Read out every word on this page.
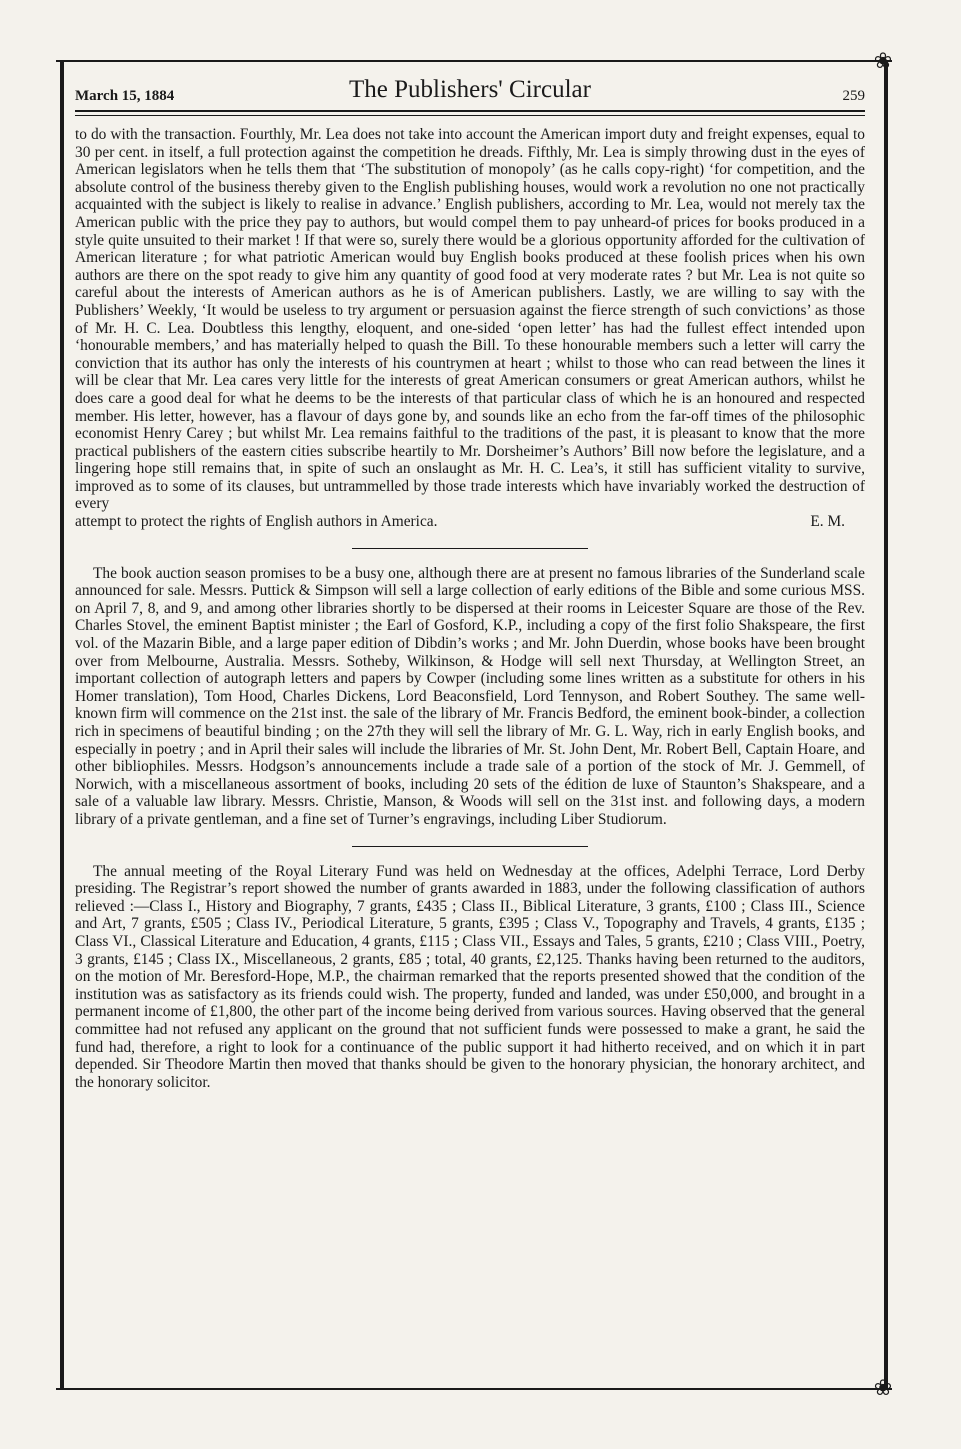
❀
❀
March 15, 1884	The Publishers' Circular	259

to do with the transaction. Fourthly, Mr. Lea does not take into account the American import duty and freight expenses, equal to 30 per cent. in itself, a full protection against the competition he dreads. Fifthly, Mr. Lea is simply throwing dust in the eyes of American legislators when he tells them that ‘The substitution of monopoly’ (as he calls copy-right) ‘for competition, and the absolute control of the business thereby given to the English publishing houses, would work a revolution no one not practically acquainted with the subject is likely to realise in advance.’ English publishers, according to Mr. Lea, would not merely tax the American public with the price they pay to authors, but would compel them to pay unheard-of prices for books produced in a style quite unsuited to their market ! If that were so, surely there would be a glorious opportunity afforded for the cultivation of American literature ; for what patriotic American would buy English books produced at these foolish prices when his own authors are there on the spot ready to give him any quantity of good food at very moderate rates ? but Mr. Lea is not quite so careful about the interests of American authors as he is of American publishers. Lastly, we are willing to say with the Publishers’ Weekly, ‘It would be useless to try argument or persuasion against the fierce strength of such convictions’ as those of Mr. H. C. Lea. Doubtless this lengthy, eloquent, and one-sided ‘open letter’ has had the fullest effect intended upon ‘honourable members,’ and has materially helped to quash the Bill. To these honourable members such a letter will carry the conviction that its author has only the interests of his countrymen at heart ; whilst to those who can read between the lines it will be clear that Mr. Lea cares very little for the interests of great American consumers or great American authors, whilst he does care a good deal for what he deems to be the interests of that particular class of which he is an honoured and respected member. His letter, however, has a flavour of days gone by, and sounds like an echo from the far-off times of the philosophic economist Henry Carey ; but whilst Mr. Lea remains faithful to the traditions of the past, it is pleasant to know that the more practical publishers of the eastern cities subscribe heartily to Mr. Dorsheimer’s Authors’ Bill now before the legislature, and a lingering hope still remains that, in spite of such an onslaught as Mr. H. C. Lea’s, it still has sufficient vitality to survive, improved as to some of its clauses, but untrammelled by those trade interests which have invariably worked the destruction of every

attempt to protect the rights of English authors in America.	E. M.

The book auction season promises to be a busy one, although there are at present no famous libraries of the Sunderland scale announced for sale. Messrs. Puttick & Simpson will sell a large collection of early editions of the Bible and some curious MSS. on April 7, 8, and 9, and among other libraries shortly to be dispersed at their rooms in Leicester Square are those of the Rev. Charles Stovel, the eminent Baptist minister ; the Earl of Gosford, K.P., including a copy of the first folio Shakspeare, the first vol. of the Mazarin Bible, and a large paper edition of Dibdin’s works ; and Mr. John Duerdin, whose books have been brought over from Melbourne, Australia. Messrs. Sotheby, Wilkinson, & Hodge will sell next Thursday, at Wellington Street, an important collection of autograph letters and papers by Cowper (including some lines written as a substitute for others in his Homer translation), Tom Hood, Charles Dickens, Lord Beaconsfield, Lord Tennyson, and Robert Southey. The same well-known firm will commence on the 21st inst. the sale of the library of Mr. Francis Bedford, the eminent book-binder, a collection rich in specimens of beautiful binding ; on the 27th they will sell the library of Mr. G. L. Way, rich in early English books, and especially in poetry ; and in April their sales will include the libraries of Mr. St. John Dent, Mr. Robert Bell, Captain Hoare, and other bibliophiles. Messrs. Hodgson’s announcements include a trade sale of a portion of the stock of Mr. J. Gemmell, of Norwich, with a miscellaneous assortment of books, including 20 sets of the édition de luxe of Staunton’s Shakspeare, and a sale of a valuable law library. Messrs. Christie, Manson, & Woods will sell on the 31st inst. and following days, a modern library of a private gentleman, and a fine set of Turner’s engravings, including Liber Studiorum.

The annual meeting of the Royal Literary Fund was held on Wednesday at the offices, Adelphi Terrace, Lord Derby presiding. The Registrar’s report showed the number of grants awarded in 1883, under the following classification of authors relieved :—Class I., History and Biography, 7 grants, £435 ; Class II., Biblical Literature, 3 grants, £100 ; Class III., Science and Art, 7 grants, £505 ; Class IV., Periodical Literature, 5 grants, £395 ; Class V., Topography and Travels, 4 grants, £135 ; Class VI., Classical Literature and Education, 4 grants, £115 ; Class VII., Essays and Tales, 5 grants, £210 ; Class VIII., Poetry, 3 grants, £145 ; Class IX., Miscellaneous, 2 grants, £85 ; total, 40 grants, £2,125. Thanks having been returned to the auditors, on the motion of Mr. Beresford-Hope, M.P., the chairman remarked that the reports presented showed that the condition of the institution was as satisfactory as its friends could wish. The property, funded and landed, was under £50,000, and brought in a permanent income of £1,800, the other part of the income being derived from various sources. Having observed that the general committee had not refused any applicant on the ground that not sufficient funds were possessed to make a grant, he said the fund had, therefore, a right to look for a continuance of the public support it had hitherto received, and on which it in part depended. Sir Theodore Martin then moved that thanks should be given to the honorary physician, the honorary architect, and the honorary solicitor.
